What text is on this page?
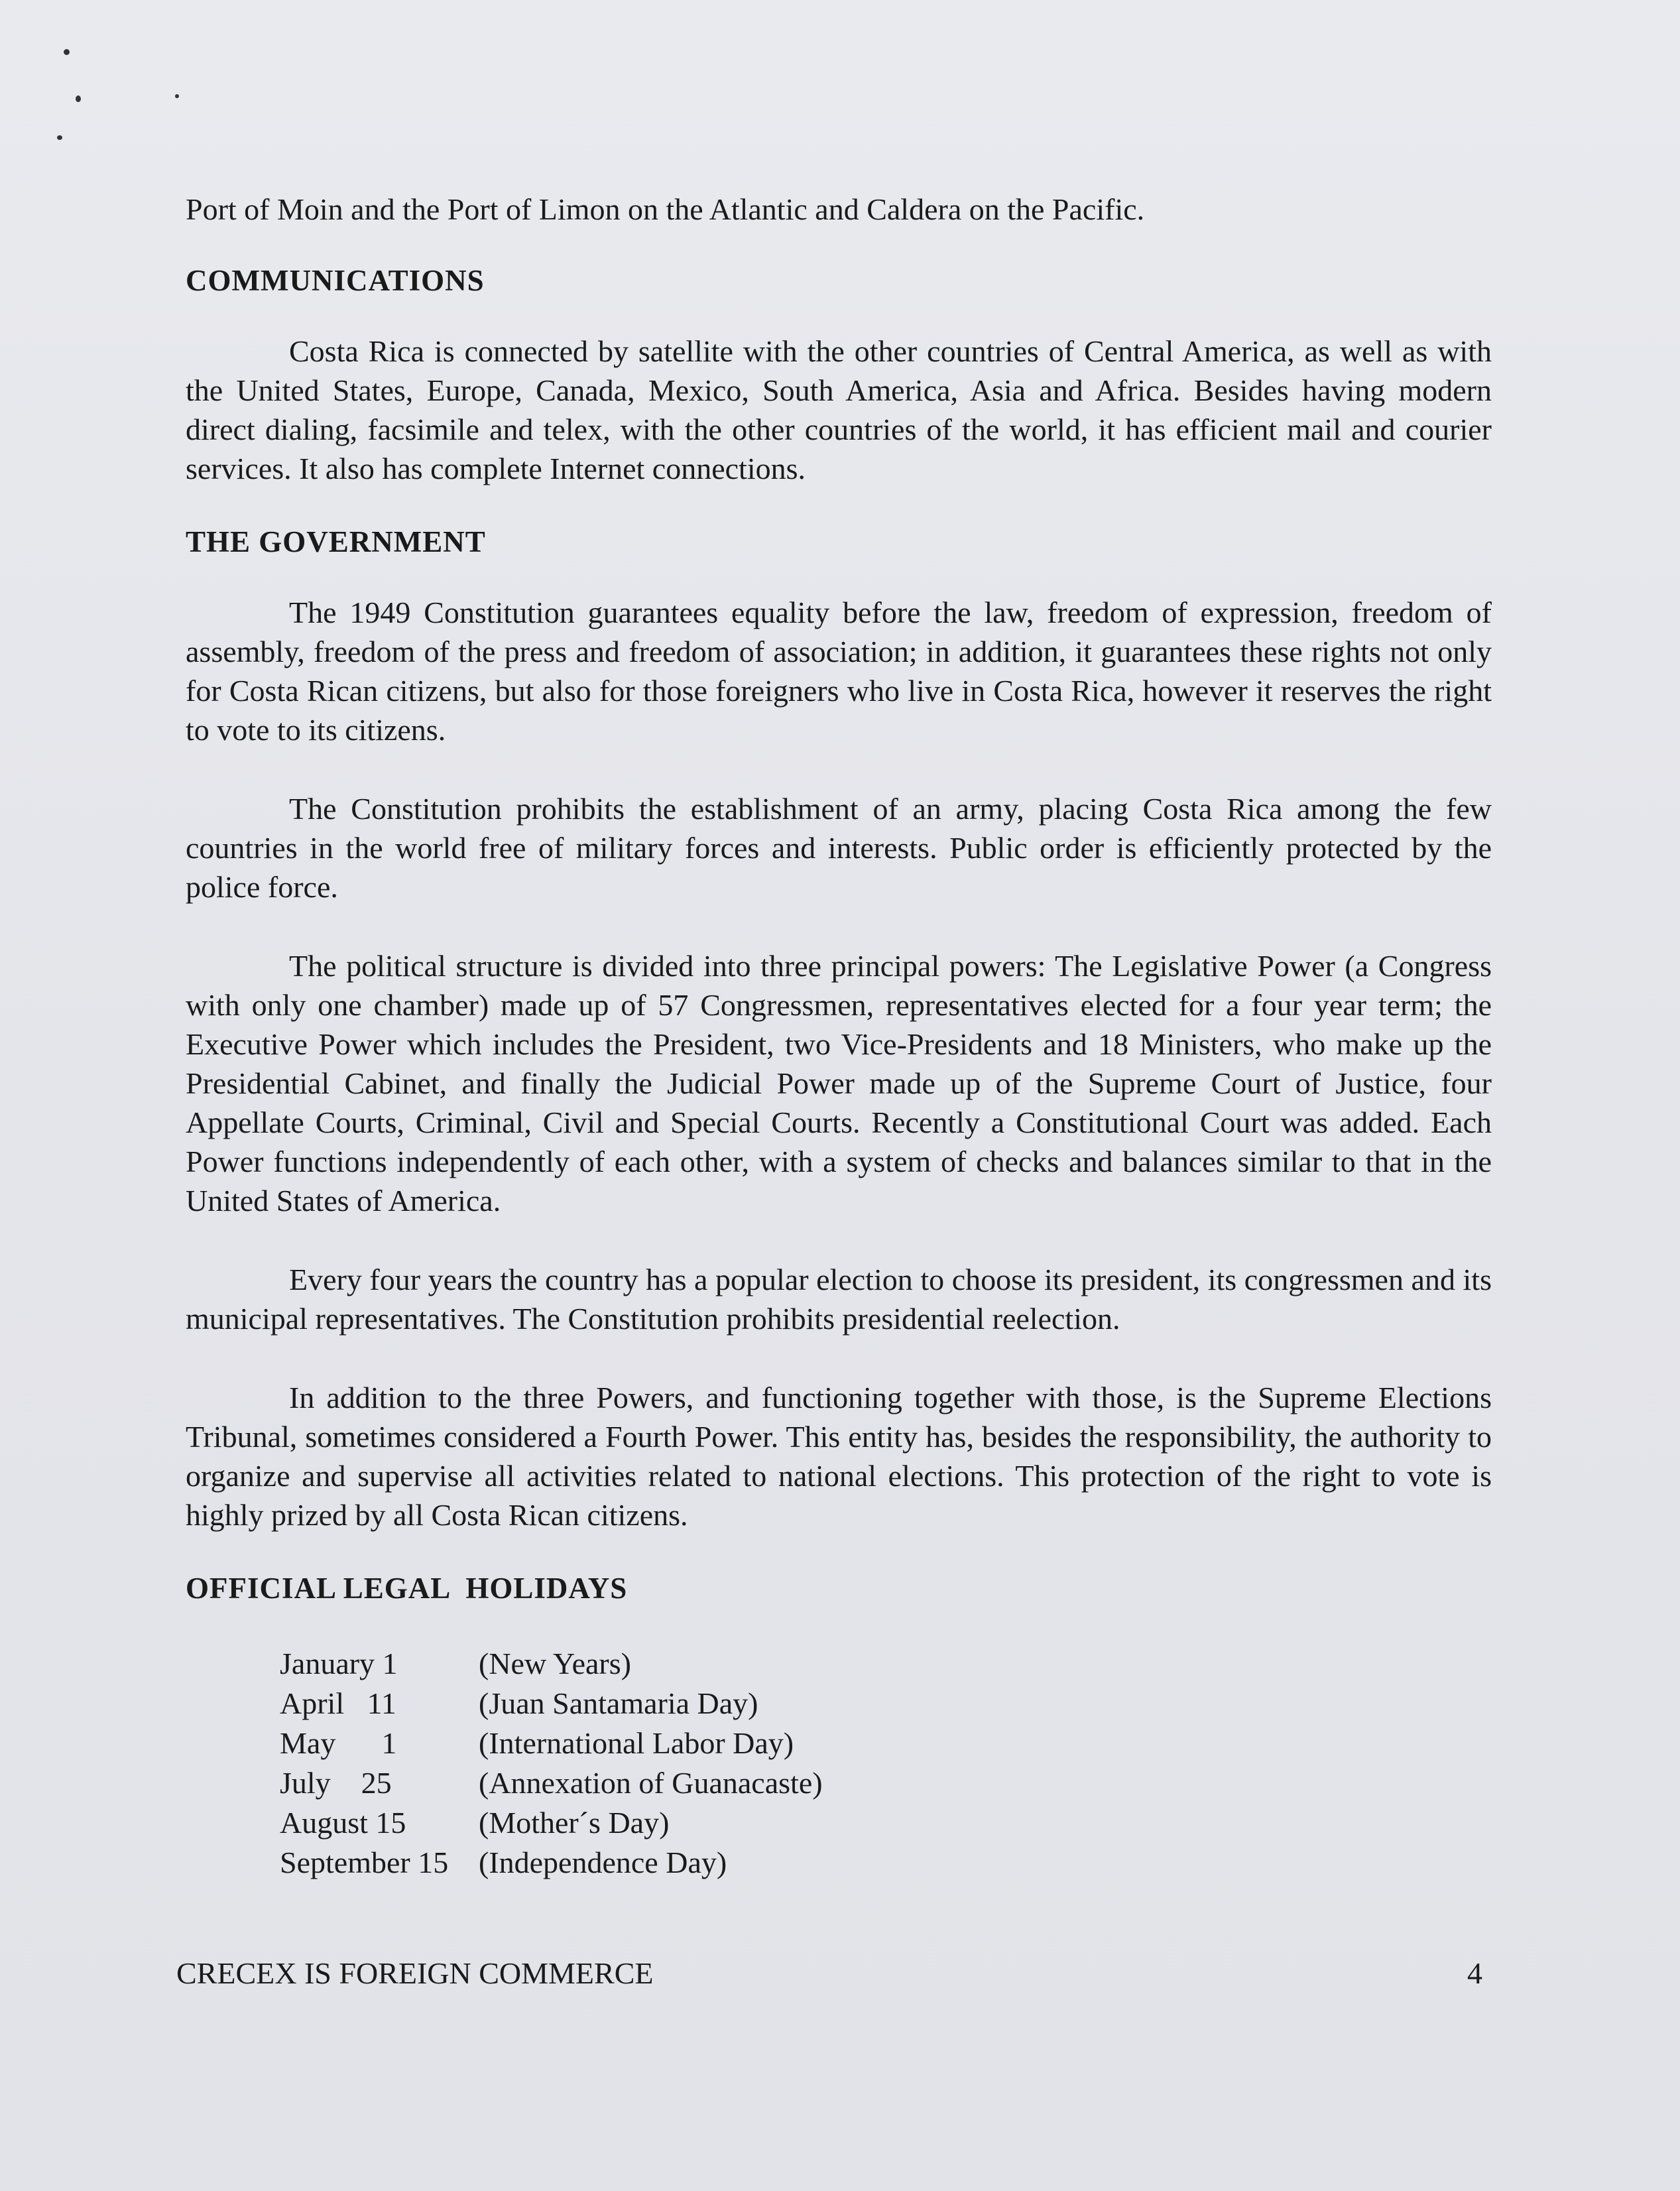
Port of Moin and the Port of Limon on the Atlantic and Caldera on the Pacific.

COMMUNICATIONS

Costa Rica is connected by satellite with the other countries of Central America, as well as with the United States, Europe, Canada, Mexico, South America, Asia and Africa. Besides having modern direct dialing, facsimile and telex, with the other countries of the world, it has efficient mail and courier services. It also has complete Internet connections.

THE GOVERNMENT

The 1949 Constitution guarantees equality before the law, freedom of expression, freedom of assembly, freedom of the press and freedom of association; in addition, it guarantees these rights not only for Costa Rican citizens, but also for those foreigners who live in Costa Rica, however it reserves the right to vote to its citizens.

The Constitution prohibits the establishment of an army, placing Costa Rica among the few countries in the world free of military forces and interests. Public order is efficiently protected by the police force.

The political structure is divided into three principal powers: The Legislative Power (a Congress with only one chamber) made up of 57 Congressmen, representatives elected for a four year term; the Executive Power which includes the President, two Vice-Presidents and 18 Ministers, who make up the Presidential Cabinet, and finally the Judicial Power made up of the Supreme Court of Justice, four Appellate Courts, Criminal, Civil and Special Courts. Recently a Constitutional Court was added. Each Power functions independently of each other, with a system of checks and balances similar to that in the United States of America.

Every four years the country has a popular election to choose its president, its congressmen and its municipal representatives. The Constitution prohibits presidential reelection.

In addition to the three Powers, and functioning together with those, is the Supreme Elections Tribunal, sometimes considered a Fourth Power. This entity has, besides the responsibility, the authority to organize and supervise all activities related to national elections. This protection of the right to vote is highly prized by all Costa Rican citizens.

OFFICIAL LEGAL  HOLIDAYS
January 1	(New Years)
April   11	(Juan Santamaria Day)
May      1	(International Labor Day)
July    25	(Annexation of Guanacaste)
August 15	(Mother´s Day)
September 15 (Independence Day)
CRECEX IS FOREIGN COMMERCE	4
